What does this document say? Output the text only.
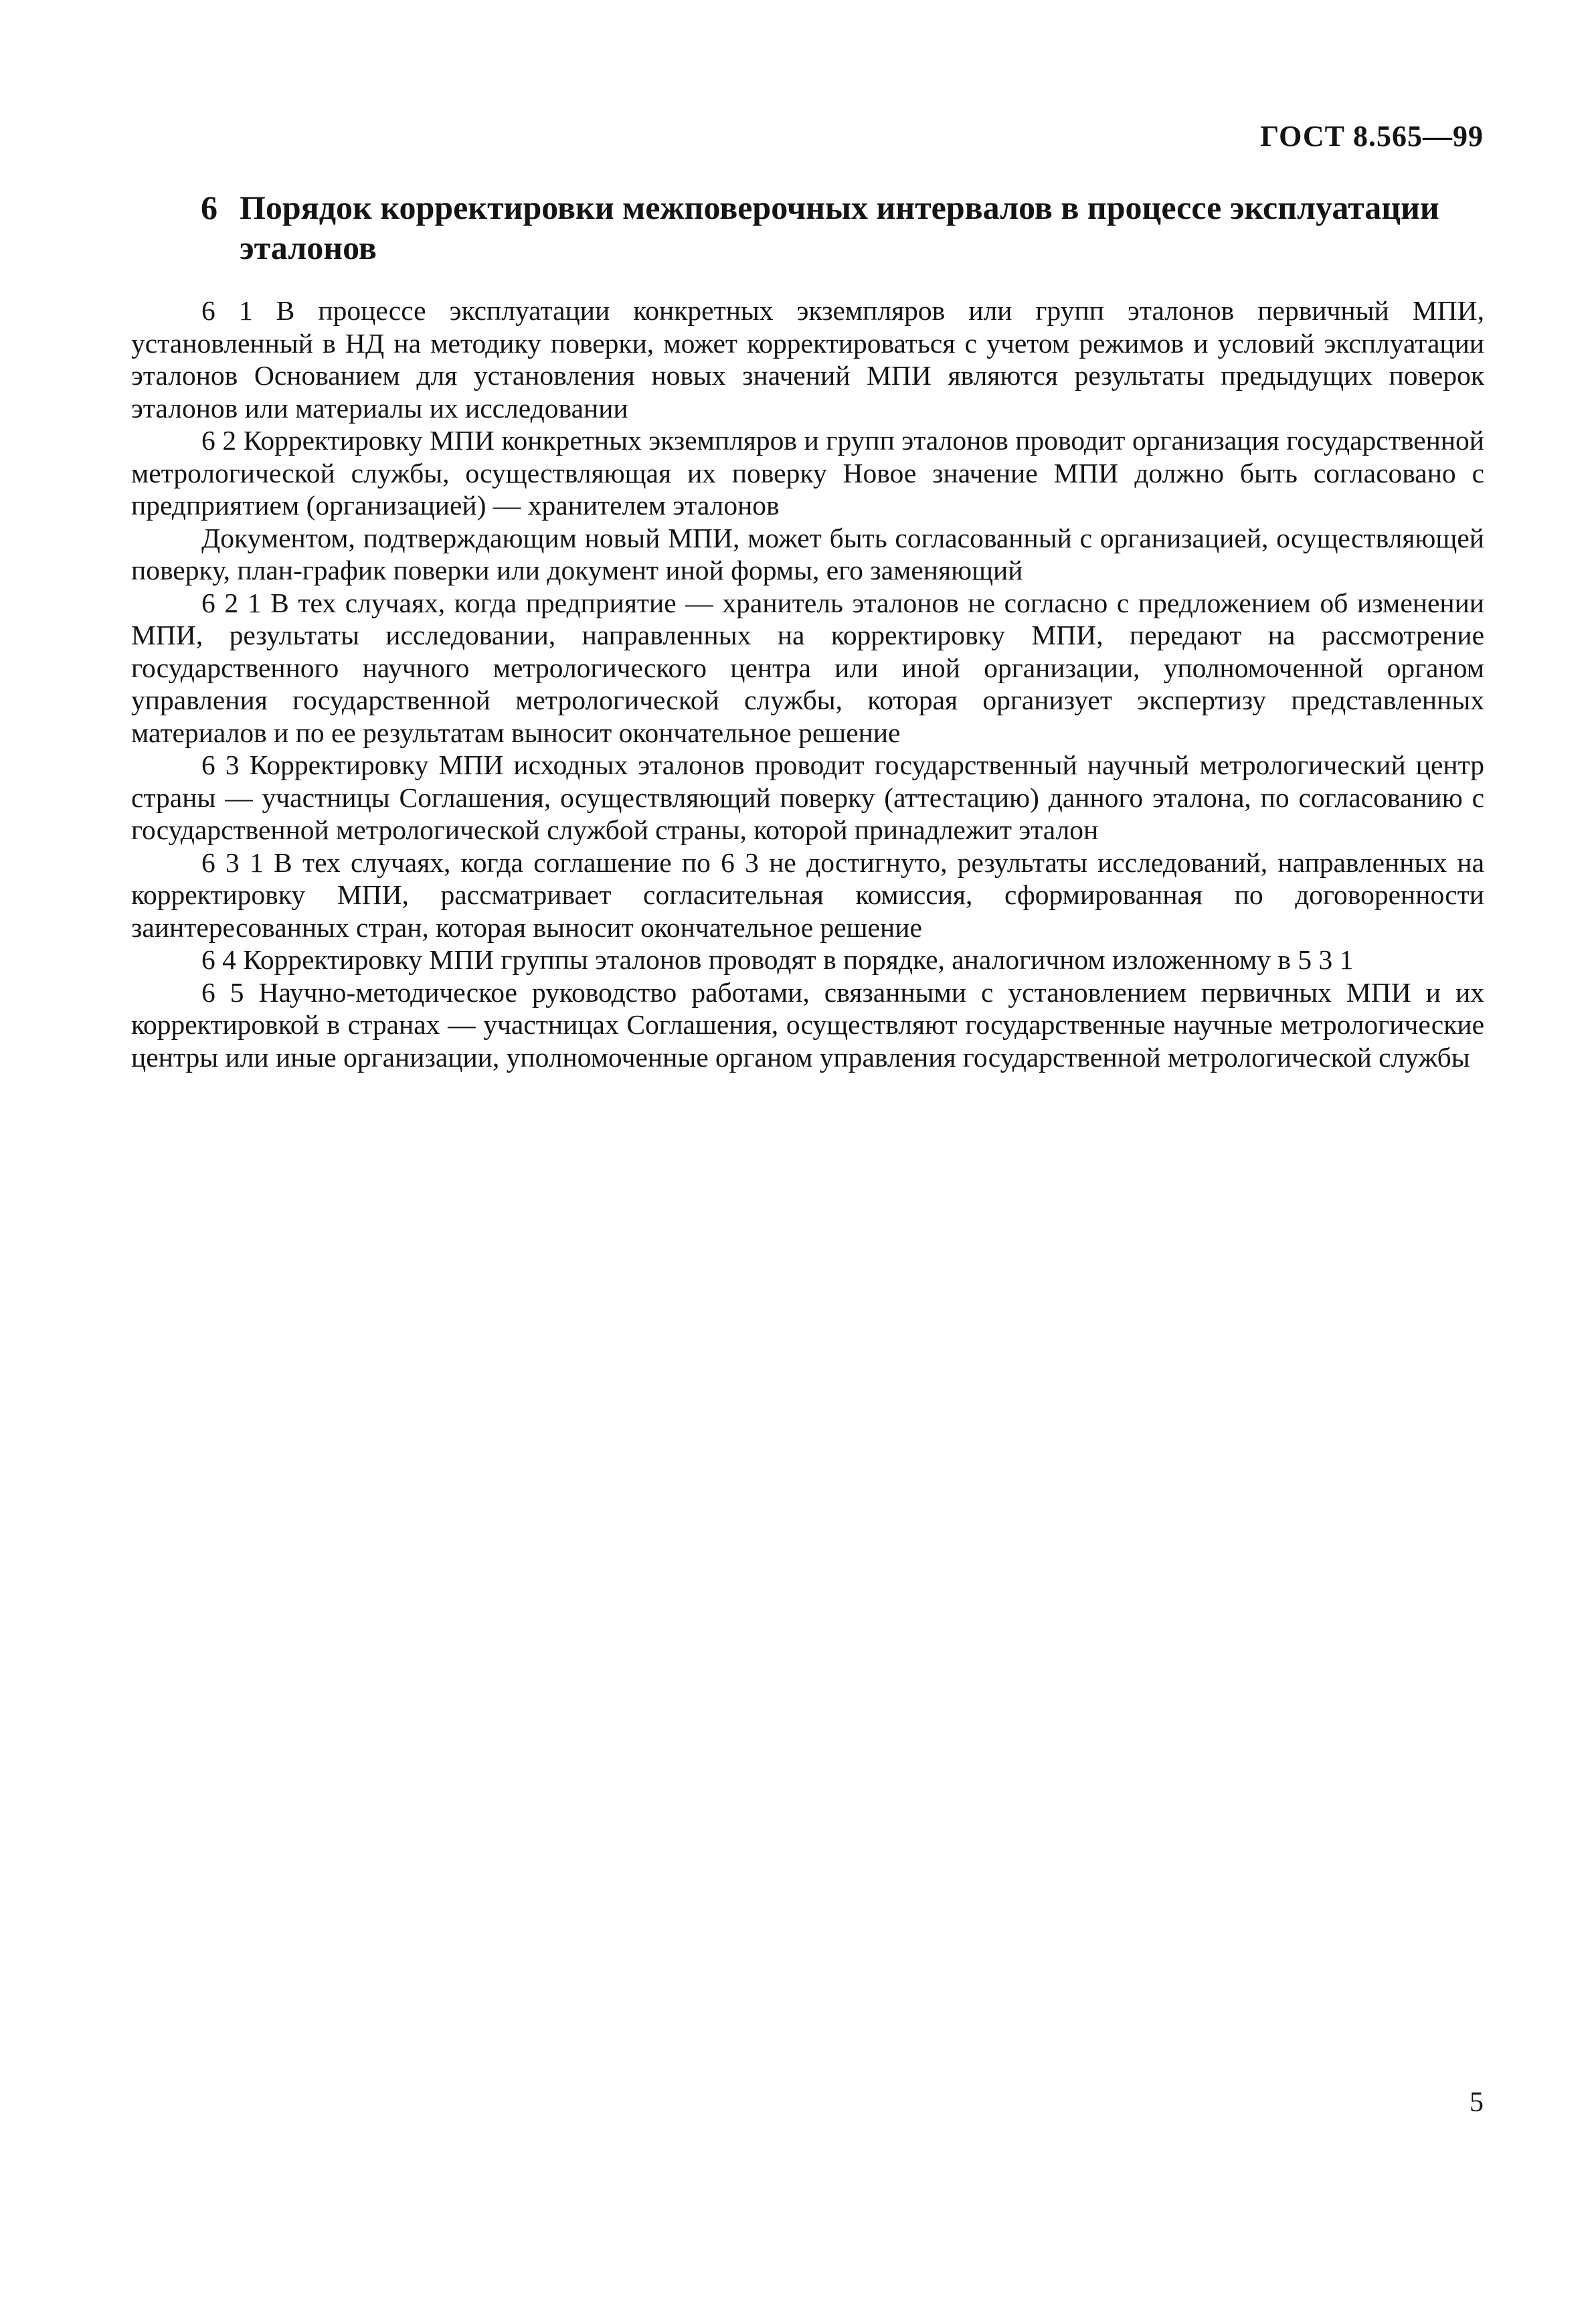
ГОСТ 8.565—99
6 Порядок корректировки межповерочных интервалов в процессе эксплуатации
эталонов

6 1 В процессе эксплуатации конкретных экземпляров или групп эталонов первичный МПИ, установленный в НД на методику поверки, может корректироваться с учетом режимов и условий эксплуатации эталонов Основанием для установления новых значений МПИ являются результаты предыдущих поверок эталонов или материалы их исследовании

6 2 Корректировку МПИ конкретных экземпляров и групп эталонов проводит организация государственной метрологической службы, осуществляющая их поверку Новое значение МПИ должно быть согласовано с предприятием (организацией) — хранителем эталонов

Документом, подтверждающим новый МПИ, может быть согласованный с организацией, осуществляющей поверку, план-график поверки или документ иной формы, его заменяющий

6 2 1 В тех случаях, когда предприятие — хранитель эталонов не согласно с предложением об изменении МПИ, результаты исследовании, направленных на корректировку МПИ, передают на рассмотрение государственного научного метрологического центра или иной организации, уполномоченной органом управления государственной метрологической службы, которая организует экспертизу представленных материалов и по ее результатам выносит окончательное решение

6 3 Корректировку МПИ исходных эталонов проводит государственный научный метрологический центр страны — участницы Соглашения, осуществляющий поверку (аттестацию) данного эталона, по согласованию с государственной метрологической службой страны, которой принадлежит эталон

6 3 1 В тех случаях, когда соглашение по 6 3 не достигнуто, результаты исследований, направленных на корректировку МПИ, рассматривает согласительная комиссия, сформированная по договоренности заинтересованных стран, которая выносит окончательное решение

6 4 Корректировку МПИ группы эталонов проводят в порядке, аналогичном изложенному в 5 3 1

6 5 Научно-методическое руководство работами, связанными с установлением первичных МПИ и их корректировкой в странах — участницах Соглашения, осуществляют государственные научные метрологические центры или иные организации, уполномоченные органом управления государственной метрологической службы

5
